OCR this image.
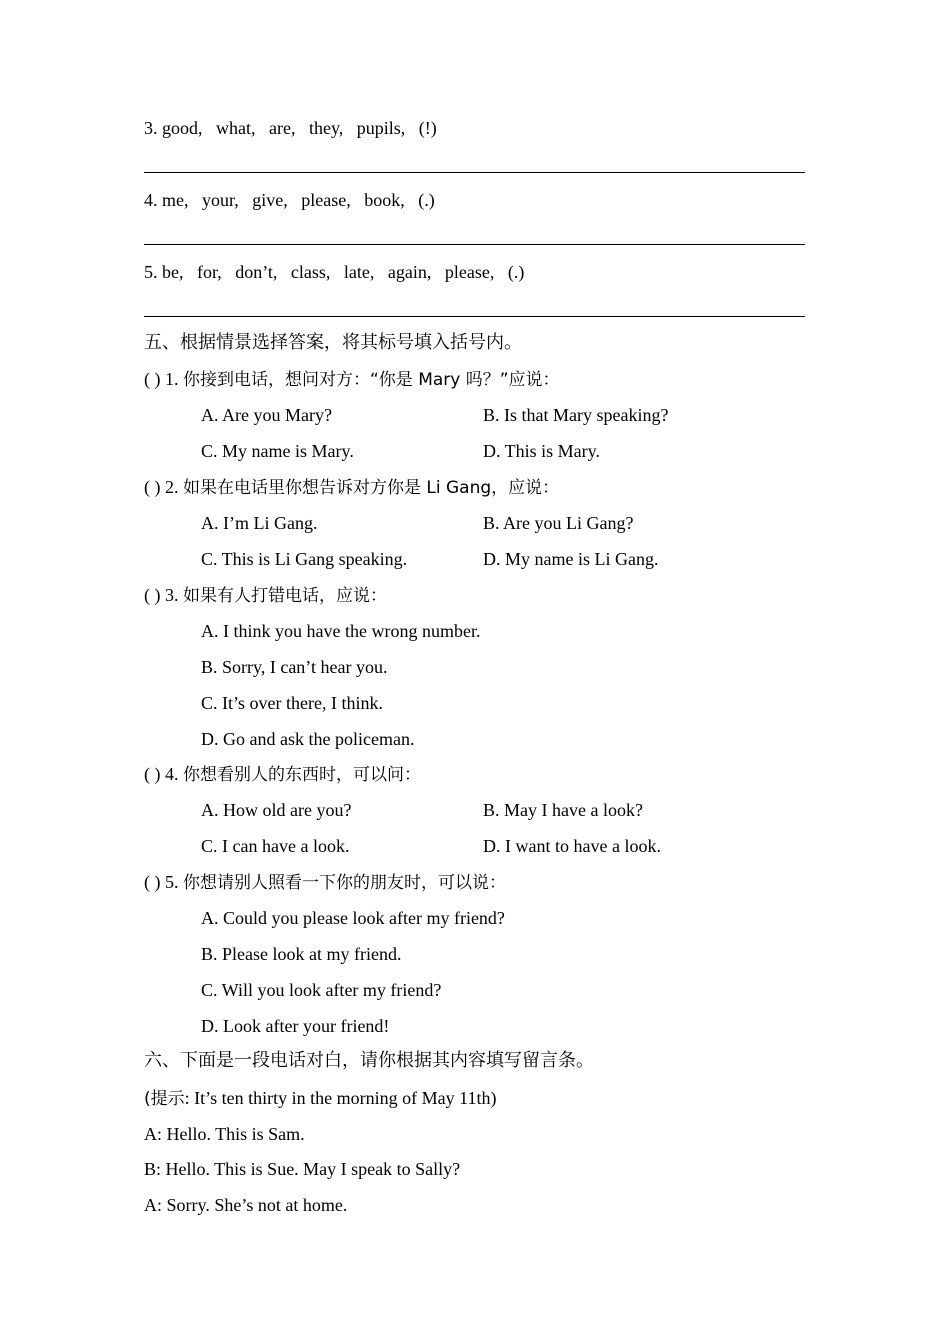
3. good,   what,   are,   they,   pupils,   (!)
4. me,   your,   give,   please,   book,   (.)
5. be,   for,   don’t,   class,   late,   again,   please,   (.)
五、根据情景选择答案，将其标号填入括号内。
( ) 1. 你接到电话，想问对方：“你是 Mary 吗？”应说：
A. Are you Mary?	B. Is that Mary speaking?
C. My name is Mary.	D. This is Mary.
( ) 2. 如果在电话里你想告诉对方你是 Li Gang，应说：
A. I’m Li Gang.	B. Are you Li Gang?
C. This is Li Gang speaking.	D. My name is Li Gang.
( ) 3. 如果有人打错电话，应说：
A. I think you have the wrong number.
B. Sorry, I can’t hear you.
C. It’s over there, I think.
D. Go and ask the policeman.
( ) 4. 你想看别人的东西时，可以问：
A. How old are you?	B. May I have a look?
C. I can have a look.	D. I want to have a look.
( ) 5. 你想请别人照看一下你的朋友时，可以说：
A. Could you please look after my friend?
B. Please look at my friend.
C. Will you look after my friend?
D. Look after your friend!
六、下面是一段电话对白，请你根据其内容填写留言条。
(提示: It’s ten thirty in the morning of May 11th)
A: Hello. This is Sam.
B: Hello. This is Sue. May I speak to Sally?
A: Sorry. She’s not at home.
